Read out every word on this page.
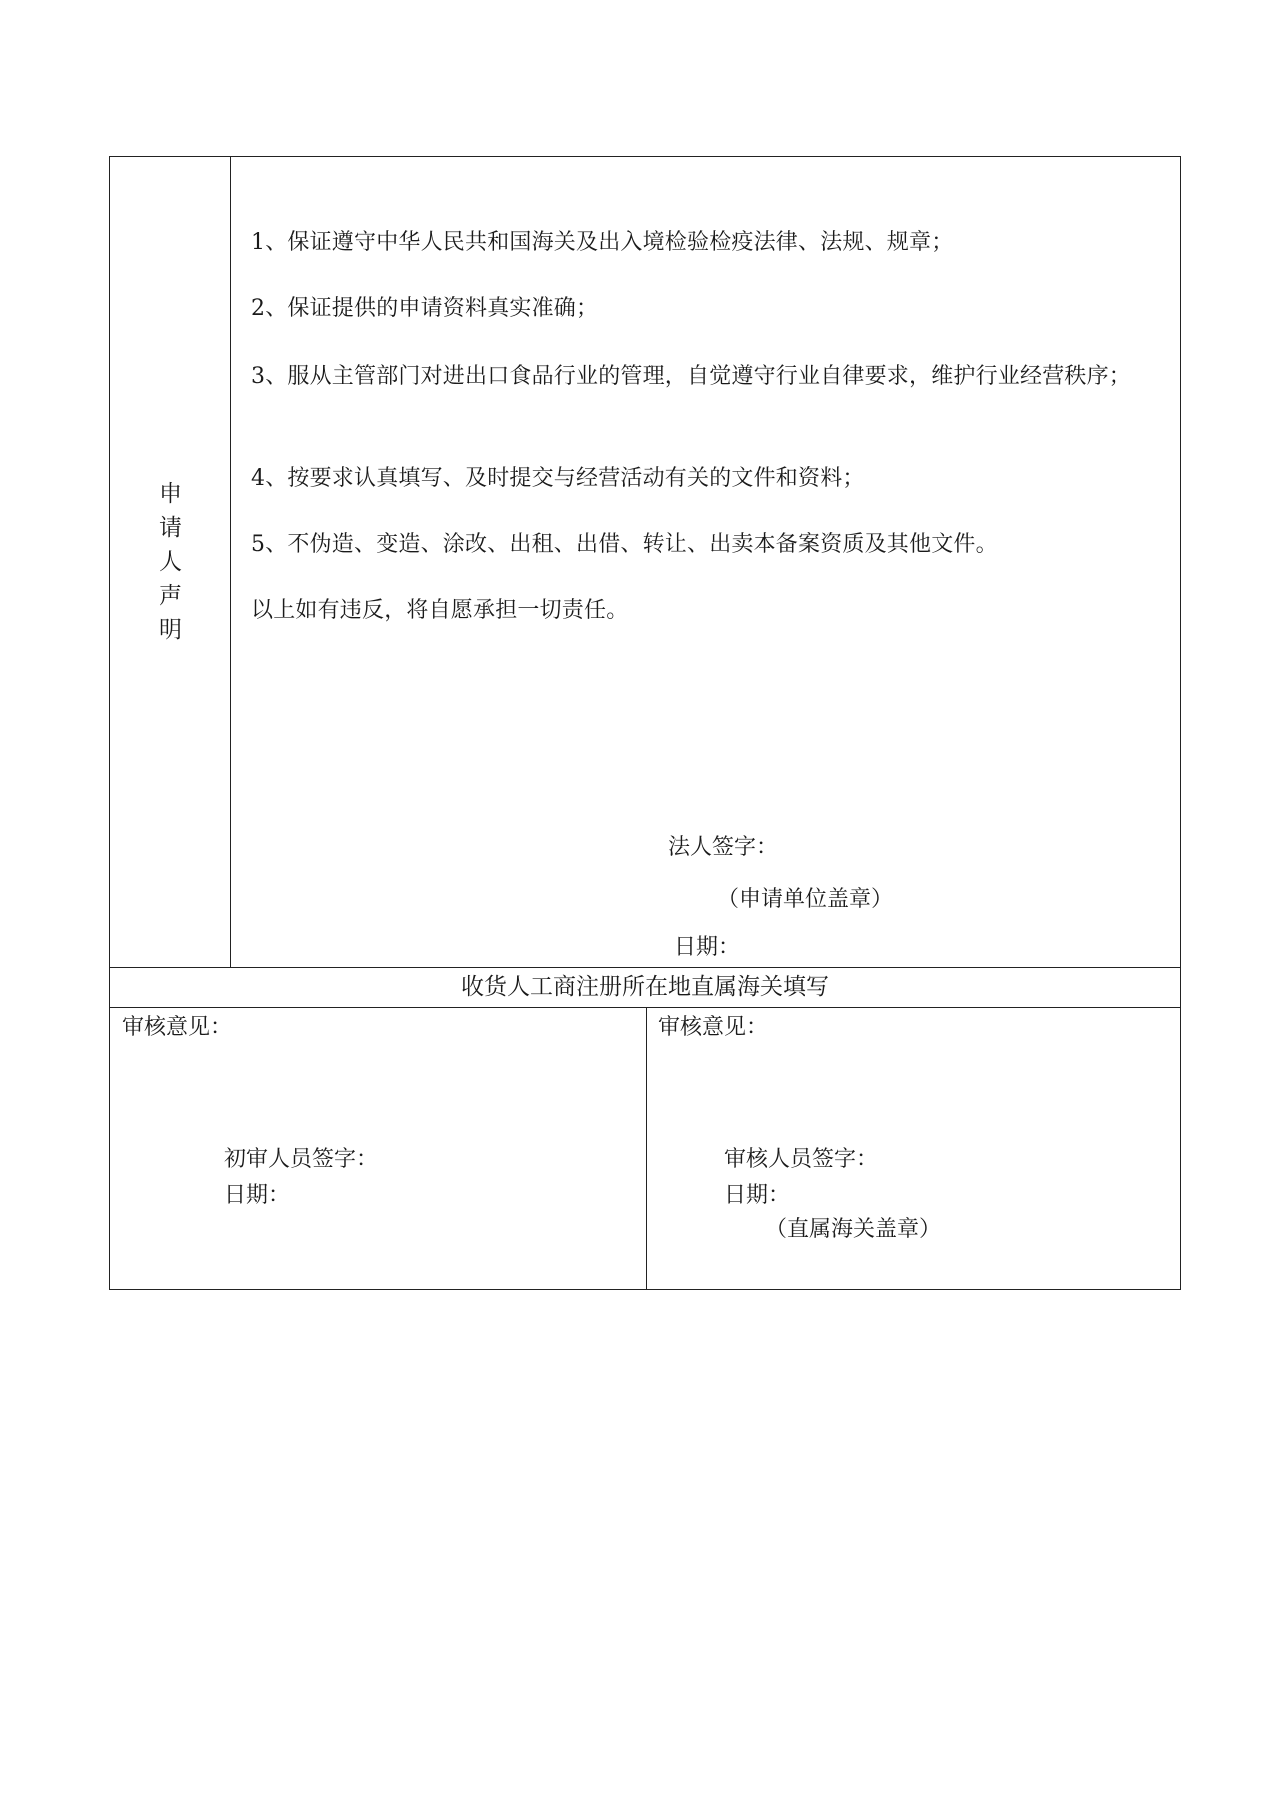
申
请
人
声
明
1、保证遵守中华人民共和国海关及出入境检验检疫法律、法规、规章；
2、保证提供的申请资料真实准确；
3、服从主管部门对进出口食品行业的管理，自觉遵守行业自律要求，维护行业经营秩序；
4、按要求认真填写、及时提交与经营活动有关的文件和资料；
5、不伪造、变造、涂改、出租、出借、转让、出卖本备案资质及其他文件。
以上如有违反，将自愿承担一切责任。
法人签字：
（申请单位盖章）
日期：
收货人工商注册所在地直属海关填写
审核意见：
初审人员签字：
日期：
审核意见：
审核人员签字：
日期：
（直属海关盖章）
